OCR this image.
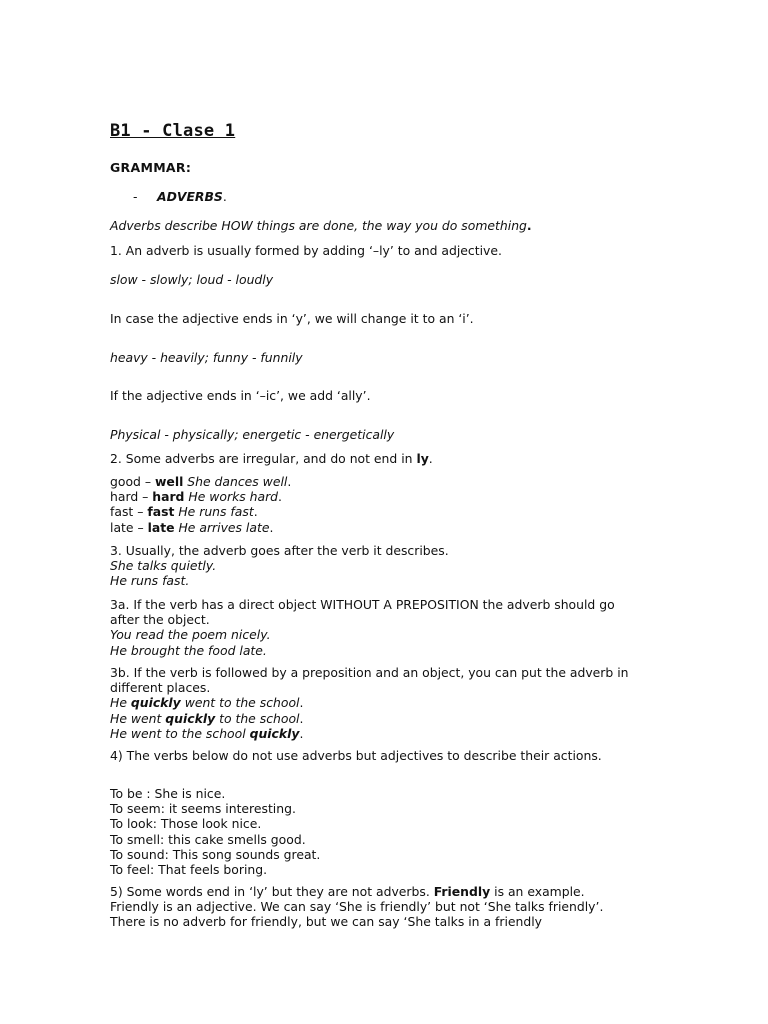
B1 - Clase 1
GRAMMAR:
- ADVERBS.
Adverbs describe HOW things are done, the way you do something.
1. An adverb is usually formed by adding ‘–ly’ to and adjective.
slow - slowly; loud - loudly
In case the adjective ends in ‘y’, we will change it to an ‘i’.
heavy - heavily; funny - funnily
If the adjective ends in ‘–ic’, we add ‘ally’.
Physical - physically; energetic - energetically
2. Some adverbs are irregular, and do not end in ly.
good – well She dances well.
hard – hard He works hard.
fast – fast He runs fast.
late – late He arrives late.
3. Usually, the adverb goes after the verb it describes.
She talks quietly.
He runs fast.
3a. If the verb has a direct object WITHOUT A PREPOSITION the adverb should go
after the object.
You read the poem nicely.
He brought the food late.
3b. If the verb is followed by a preposition and an object, you can put the adverb in
different places.
He quickly went to the school.
He went quickly to the school.
He went to the school quickly.
4) The verbs below do not use adverbs but adjectives to describe their actions.
To be : She is nice.
To seem: it seems interesting.
To look: Those look nice.
To smell: this cake smells good.
To sound: This song sounds great.
To feel: That feels boring.
5) Some words end in ‘ly’ but they are not adverbs. Friendly is an example.
Friendly is an adjective. We can say ‘She is friendly’ but not ‘She talks friendly’.
There is no adverb for friendly, but we can say ‘She talks in a friendly
